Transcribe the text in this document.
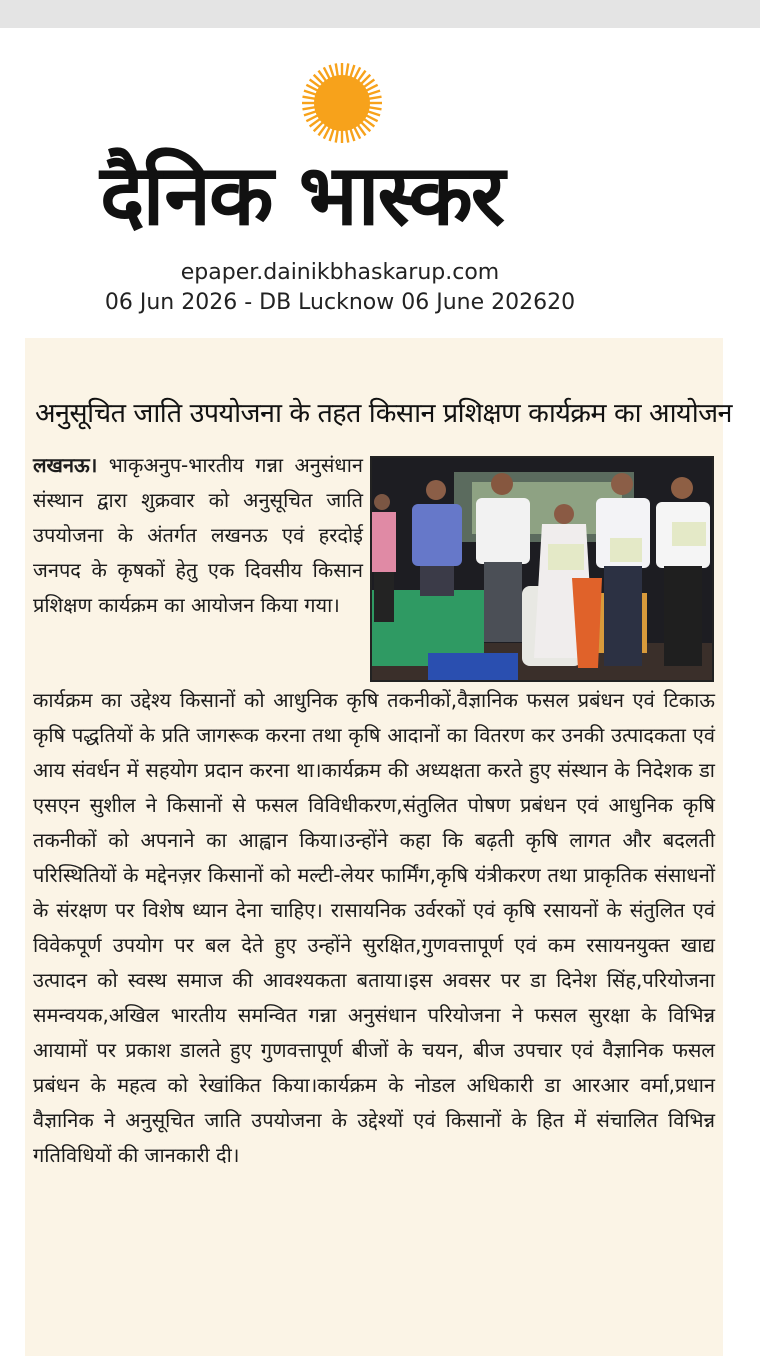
दैनिक भास्कर
epaper.dainikbhaskarup.com
06 Jun 2026 - DB Lucknow 06 June 202620
अनुसूचित जाति उपयोजना के तहत किसान प्रशिक्षण कार्यक्रम का आयोजन
लखनऊ। भाकृअनुप-भारतीय गन्ना अनुसंधान संस्थान द्वारा शुक्रवार को अनुसूचित जाति उपयोजना के अंतर्गत लखनऊ एवं हरदोई जनपद के कृषकों हेतु एक दिवसीय किसान प्रशिक्षण कार्यक्रम का आयोजन किया गया।
कार्यक्रम का उद्देश्य किसानों को आधुनिक कृषि तकनीकों,वैज्ञानिक फसल प्रबंधन एवं टिकाऊ कृषि पद्धतियों के प्रति जागरूक करना तथा कृषि आदानों का वितरण कर उनकी उत्पादकता एवं आय संवर्धन में सहयोग प्रदान करना था।कार्यक्रम की अध्यक्षता करते हुए संस्थान के निदेशक डा एसएन सुशील ने किसानों से फसल विविधीकरण,संतुलित पोषण प्रबंधन एवं आधुनिक कृषि तकनीकों को अपनाने का आह्वान किया।उन्होंने कहा कि बढ़ती कृषि लागत और बदलती परिस्थितियों के मद्देनज़र किसानों को मल्टी-लेयर फार्मिंग,कृषि यंत्रीकरण तथा प्राकृतिक संसाधनों के संरक्षण पर विशेष ध्यान देना चाहिए। रासायनिक उर्वरकों एवं कृषि रसायनों के संतुलित एवं विवेकपूर्ण उपयोग पर बल देते हुए उन्होंने सुरक्षित,गुणवत्तापूर्ण एवं कम रसायनयुक्त खाद्य उत्पादन को स्वस्थ समाज की आवश्यकता बताया।इस अवसर पर डा दिनेश सिंह,परियोजना समन्वयक,अखिल भारतीय समन्वित गन्ना अनुसंधान परियोजना ने फसल सुरक्षा के विभिन्न आयामों पर प्रकाश डालते हुए गुणवत्तापूर्ण बीजों के चयन, बीज उपचार एवं वैज्ञानिक फसल प्रबंधन के महत्व को रेखांकित किया।कार्यक्रम के नोडल अधिकारी डा आरआर वर्मा,प्रधान वैज्ञानिक ने अनुसूचित जाति उपयोजना के उद्देश्यों एवं किसानों के हित में संचालित विभिन्न गतिविधियों की जानकारी दी।
